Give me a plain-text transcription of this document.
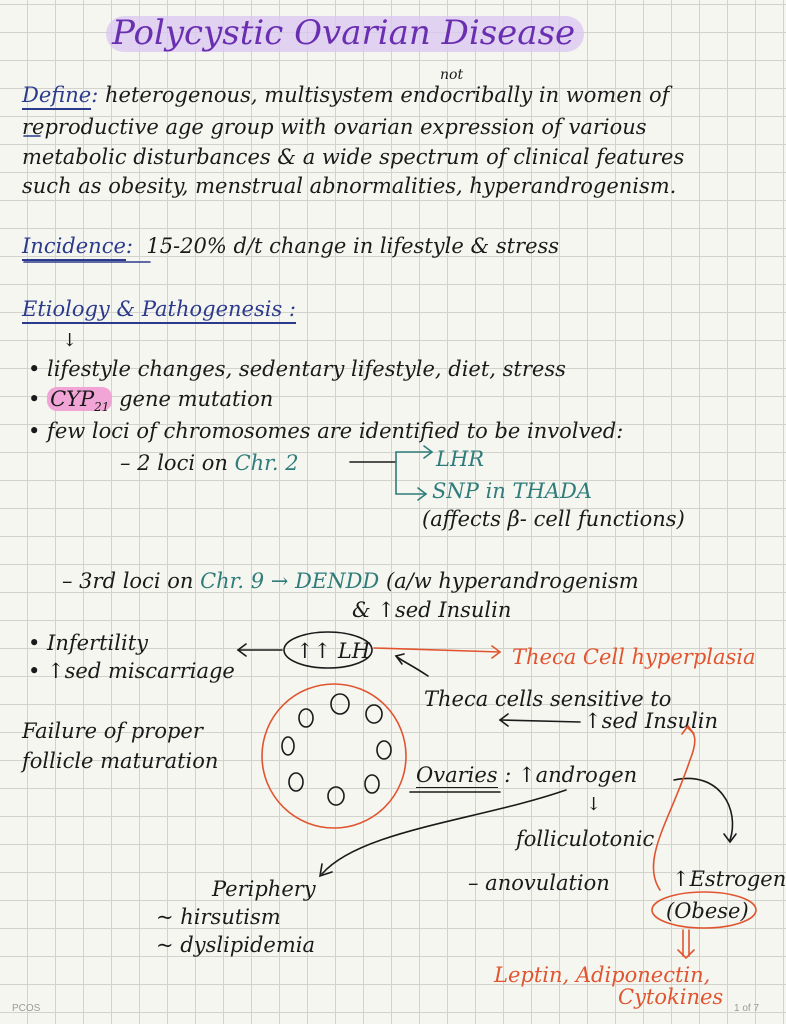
Polycystic Ovarian Disease
Define: heterogenous, multisystem endocribally in women of
not
reproductive age group with ovarian expression of various
metabolic disturbances & a wide spectrum of clinical features
such as obesity, menstrual abnormalities, hyperandrogenism.
Incidence: 15-20% d/t change in lifestyle & stress
Etiology & Pathogenesis :
↓
• lifestyle changes, sedentary lifestyle, diet, stress
• $CYP_{21}$ gene mutation
• few loci of chromosomes are identified to be involved:
– 2 loci on Chr. 2	LHR
SNP in THADA
(affects β- cell functions)
– 3rd loci on Chr. 9 → DENDD (a/w hyperandrogenism
& ↑sed Insulin
• Infertility
• ↑sed miscarriage
↑↑ LH	Theca Cell hyperplasia
Theca cells sensitive to
↑sed Insulin
Failure of proper
follicle maturation
Ovaries : ↑androgen
↓
folliculotonic
– anovulation	↑Estrogen
(Obese)
Periphery
~ hirsutism
~ dyslipidemia
Leptin, Adiponectin,
Cytokines
PCOS	1 of 7
